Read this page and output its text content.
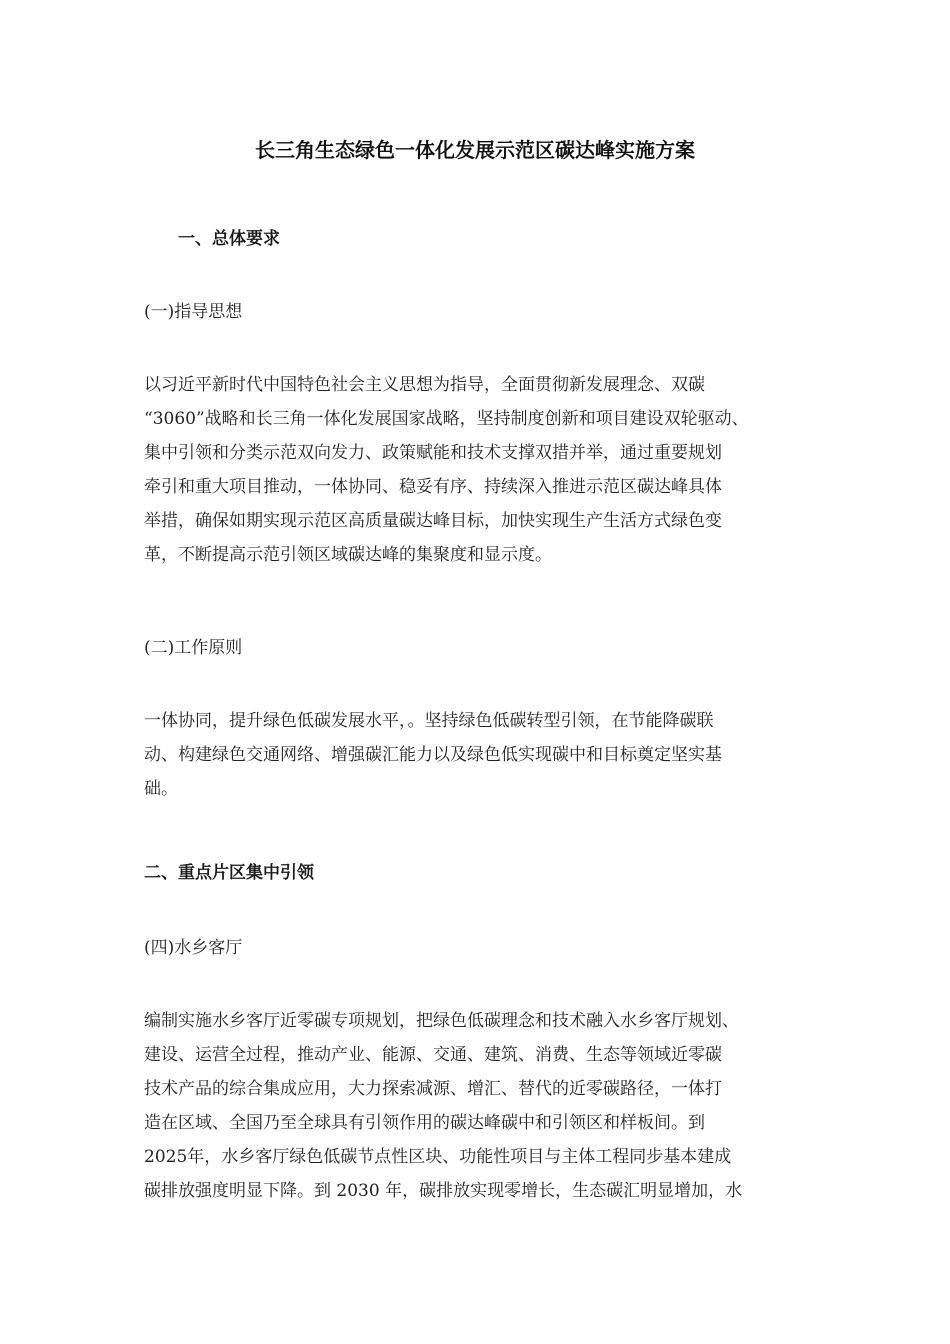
长三角生态绿色一体化发展示范区碳达峰实施方案
一、总体要求
(一)指导思想
以习近平新时代中国特色社会主义思想为指导，全面贯彻新发展理念、双碳
“3060”战略和长三角一体化发展国家战略，坚持制度创新和项目建设双轮驱动、
集中引领和分类示范双向发力、政策赋能和技术支撑双措并举，通过重要规划
牵引和重大项目推动，一体协同、稳妥有序、持续深入推进示范区碳达峰具体
举措，确保如期实现示范区高质量碳达峰目标，加快实现生产生活方式绿色变
革，不断提高示范引领区域碳达峰的集聚度和显示度。
(二)工作原则
一体协同，提升绿色低碳发展水平，。坚持绿色低碳转型引领，在节能降碳联
动、构建绿色交通网络、增强碳汇能力以及绿色低实现碳中和目标奠定坚实基
础。
二、重点片区集中引领
(四)水乡客厅
编制实施水乡客厅近零碳专项规划，把绿色低碳理念和技术融入水乡客厅规划、
建设、运营全过程，推动产业、能源、交通、建筑、消费、生态等领域近零碳
技术产品的综合集成应用，大力探索减源、增汇、替代的近零碳路径，一体打
造在区域、全国乃至全球具有引领作用的碳达峰碳中和引领区和样板间。到
2025年，水乡客厅绿色低碳节点性区块、功能性项目与主体工程同步基本建成
碳排放强度明显下降。到 2030 年，碳排放实现零增长，生态碳汇明显增加，水
